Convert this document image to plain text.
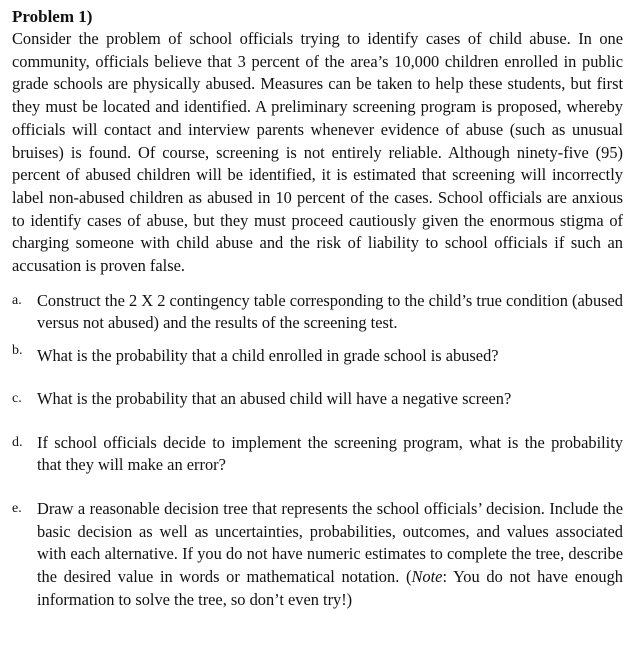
Problem 1)

Consider the problem of school officials trying to identify cases of child abuse. In one community, officials believe that 3 percent of the area’s 10,000 children enrolled in public grade schools are physically abused. Measures can be taken to help these students, but first they must be located and identified. A preliminary screening program is proposed, whereby officials will contact and interview parents whenever evidence of abuse (such as unusual bruises) is found. Of course, screening is not entirely reliable. Although ninety-five (95) percent of abused children will be identified, it is estimated that screening will incorrectly label non-abused children as abused in 10 percent of the cases. School officials are anxious to identify cases of abuse, but they must proceed cautiously given the enormous stigma of charging someone with child abuse and the risk of liability to school officials if such an accusation is proven false.

a. Construct the 2 X 2 contingency table corresponding to the child’s true condition (abused versus not abused) and the results of the screening test.
b. What is the probability that a child enrolled in grade school is abused?
c. What is the probability that an abused child will have a negative screen?
d. If school officials decide to implement the screening program, what is the probability that they will make an error?
e. Draw a reasonable decision tree that represents the school officials’ decision. Include the basic decision as well as uncertainties, probabilities, outcomes, and values associated with each alternative. If you do not have numeric estimates to complete the tree, describe the desired value in words or mathematical notation. (Note: You do not have enough information to solve the tree, so don’t even try!)
